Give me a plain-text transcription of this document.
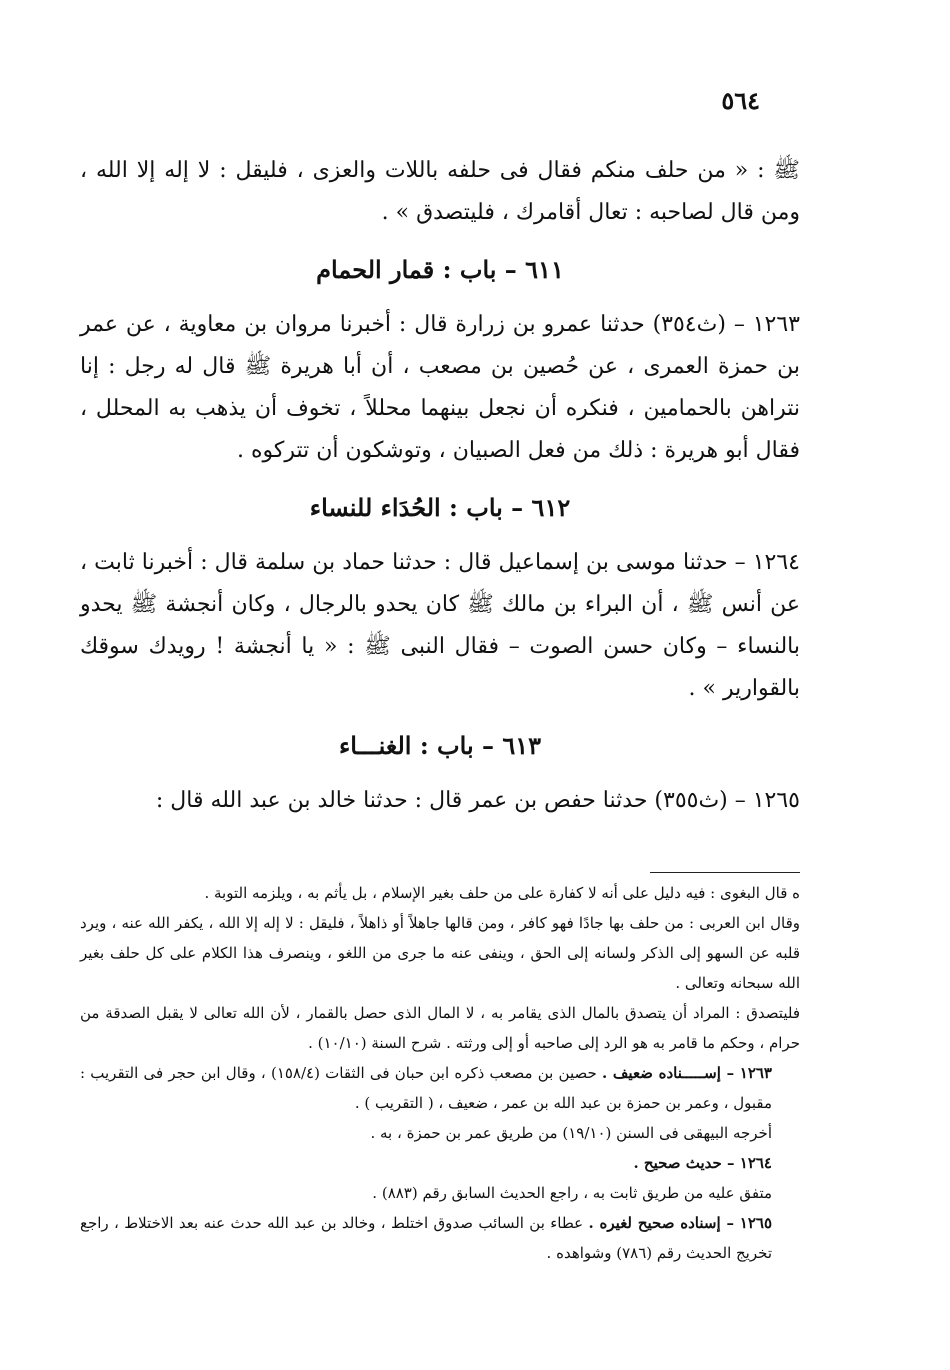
٥٦٤

ﷺ : « من حلف منكم فقال فى حلفه باللات والعزى ، فليقل : لا إله إلا الله ، ومن قال لصاحبه : تعال أقامرك ، فليتصدق » .

٦١١ – باب : قمار الحمام

١٢٦٣ – (ث٣٥٤) حدثنا عمرو بن زرارة قال : أخبرنا مروان بن معاوية ، عن عمر بن حمزة العمرى ، عن حُصين بن مصعب ، أن أبا هريرة ﷺ قال له رجل : إنا نتراهن بالحمامين ، فنكره أن نجعل بينهما محللاً ، تخوف أن يذهب به المحلل ، فقال أبو هريرة : ذلك من فعل الصبيان ، وتوشكون أن تتركوه .

٦١٢ – باب : الحُدَاء للنساء

١٢٦٤ – حدثنا موسى بن إسماعيل قال : حدثنا حماد بن سلمة قال : أخبرنا ثابت ، عن أنس ﷺ ، أن البراء بن مالك ﷺ كان يحدو بالرجال ، وكان أنجشة ﷺ يحدو بالنساء – وكان حسن الصوت – فقال النبى ﷺ : « يا أنجشة ! رويدك سوقك بالقوارير » .

٦١٣ – باب : الغنـــاء

١٢٦٥ – (ث٣٥٥) حدثنا حفص بن عمر قال : حدثنا خالد بن عبد الله قال :

ه قال البغوى : فيه دليل على أنه لا كفارة على من حلف بغير الإسلام ، بل يأثم به ، ويلزمه التوبة .

وقال ابن العربى : من حلف بها جادًا فهو كافر ، ومن قالها جاهلاً أو ذاهلاً ، فليقل : لا إله إلا الله ، يكفر الله عنه ، ويرد قلبه عن السهو إلى الذكر ولسانه إلى الحق ، وينفى عنه ما جرى من اللغو ، وينصرف هذا الكلام على كل حلف بغير الله سبحانه وتعالى .

فليتصدق : المراد أن يتصدق بالمال الذى يقامر به ، لا المال الذى حصل بالقمار ، لأن الله تعالى لا يقبل الصدقة من حرام ، وحكم ما قامر به هو الرد إلى صاحبه أو إلى ورثته . شرح السنة (١٠/١٠) .

١٢٦٣ – إســـــناده ضعيف . حصين بن مصعب ذكره ابن حبان فى الثقات (١٥٨/٤) ، وقال ابن حجر فى التقريب : مقبول ، وعمر بن حمزة بن عبد الله بن عمر ، ضعيف ، ( التقريب ) .

أخرجه البيهقى فى السنن (١٩/١٠) من طريق عمر بن حمزة ، به .

١٢٦٤ – حديث صحيح .

متفق عليه من طريق ثابت به ، راجع الحديث السابق رقم (٨٨٣) .

١٢٦٥ – إسناده صحيح لغيره . عطاء بن السائب صدوق اختلط ، وخالد بن عبد الله حدث عنه بعد الاختلاط ، راجع تخريج الحديث رقم (٧٨٦) وشواهده .
